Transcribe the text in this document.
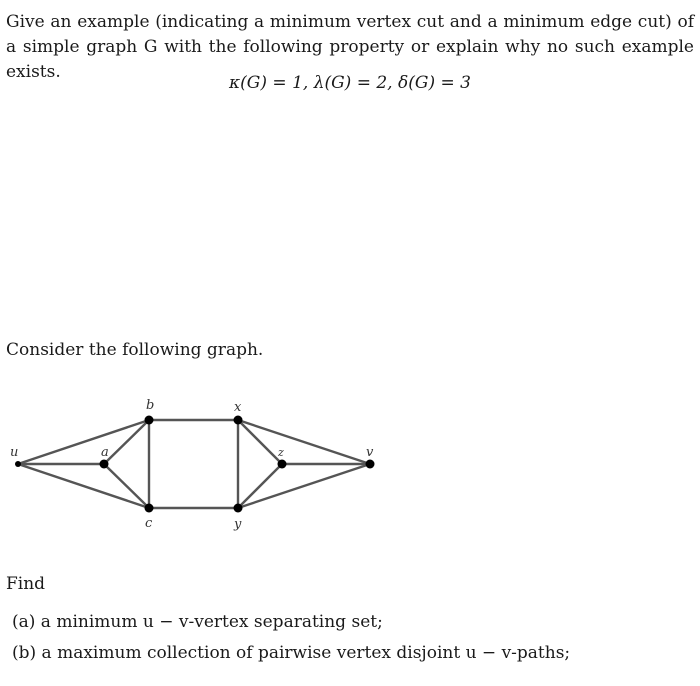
Give an example (indicating a minimum vertex cut and a minimum edge cut) of a simple graph G with the following property or explain why no such example exists.

κ(G) = 1, λ(G) = 2, δ(G) = 3
Consider the following graph.
u	a
b
c
x
y
z	v
Find
(a) a minimum u − v-vertex separating set;
(b) a maximum collection of pairwise vertex disjoint u − v-paths;
